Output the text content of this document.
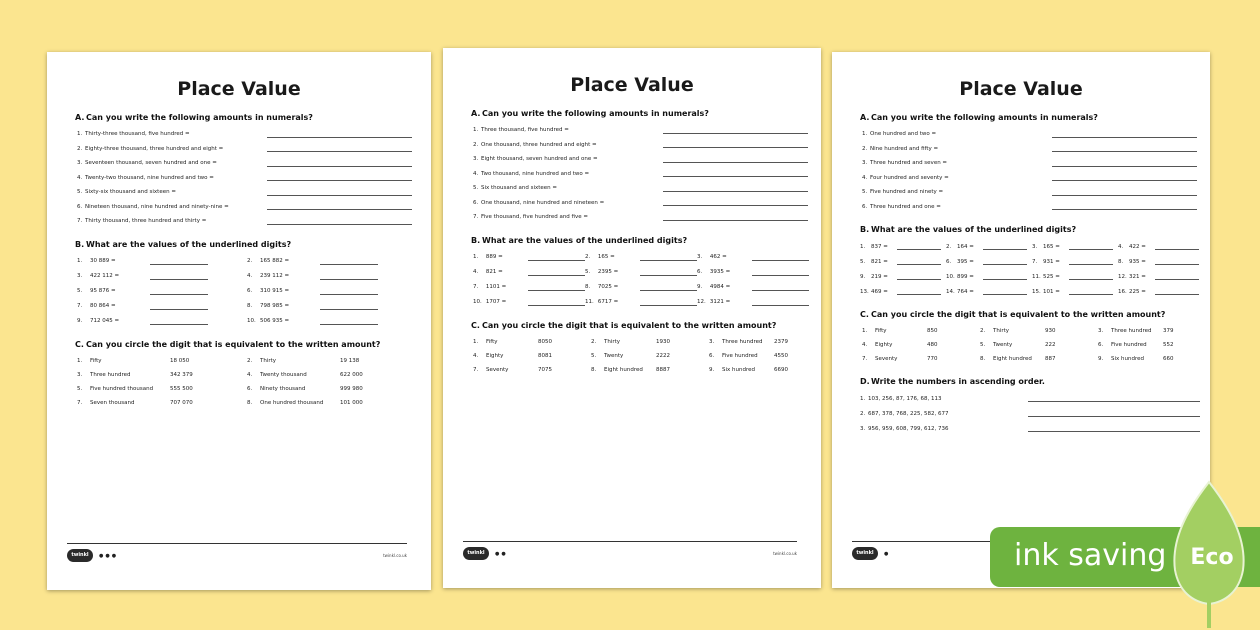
Place Value
A. Can you write the following amounts in numerals?
1. Thirty-three thousand, five hundred =
2. Eighty-three thousand, three hundred and eight =
3. Seventeen thousand, seven hundred and one =
4. Twenty-two thousand, nine hundred and two =
5. Sixty-six thousand and sixteen =
6. Nineteen thousand, nine hundred and ninety-nine =
7. Thirty thousand, three hundred and thirty =
B. What are the values of the underlined digits?
1.	30 889 =	2.	165 882 =
3.	422 112 =	4.	239 112 =
5.	95 876 =	6.	310 915 =
7.	80 864 =	8.	798 985 =
9.	712 045 =	10. 506 935 =
C. Can you circle the digit that is equivalent to the written amount?
1.	Fifty	18 050	2.	Thirty	19 138
3.	Three hundred	342 379	4.	Twenty thousand	622 000
5.	Five hundred thousand	555 500	6.	Ninety thousand	999 980
7.	Seven thousand	707 070	8.	One hundred thousand	101 000
twinkl	●●●	twinkl.co.uk
Place Value
A. Can you write the following amounts in numerals?
1. Three thousand, five hundred =
2. One thousand, three hundred and eight =
3. Eight thousand, seven hundred and one =
4. Two thousand, nine hundred and two =
5. Six thousand and sixteen =
6. One thousand, nine hundred and nineteen =
7. Five thousand, five hundred and five =
B. What are the values of the underlined digits?
1.	889 =	2.	165 =	3.	462 =
4.	821 =	5.	2395 =	6.	3935 =
7.	1101 =	8.	7025 =	9.	4984 =
10. 1707 =	11. 6717 =	12. 3121 =
C. Can you circle the digit that is equivalent to the written amount?
1.	Fifty	8050	2.	Thirty	1930	3.	Three hundred	2379
4.	Eighty	8081	5.	Twenty	2222	6.	Five hundred	4550
7.	Seventy	7075	8.	Eight hundred	8887	9.	Six hundred	6690
twinkl	●●	twinkl.co.uk
Place Value
A. Can you write the following amounts in numerals?
1. One hundred and two =
2. Nine hundred and fifty =
3. Three hundred and seven =
4. Four hundred and seventy =
5. Five hundred and ninety =
6. Three hundred and one =
B. What are the values of the underlined digits?
1.	837 =	2.	164 =	3.	165 =	4.	422 =
5.	821 =	6.	395 =	7.	931 =	8.	935 =
9.	219 =	10. 899 =	11. 525 =	12. 321 =
13. 469 =	14. 764 =	15. 101 =	16. 225 =
C. Can you circle the digit that is equivalent to the written amount?
1.	Fifty	850	2.	Thirty	930	3.	Three hundred	379
4.	Eighty	480	5.	Twenty	222	6.	Five hundred	552
7.	Seventy	770	8.	Eight hundred	887	9.	Six hundred	660
D.Write the numbers in ascending order.
1. 103, 256, 87, 176, 68, 113
2. 687, 378, 768, 225, 582, 677
3. 956, 959, 608, 799, 612, 736
twinkl	●	ink saving Eco
